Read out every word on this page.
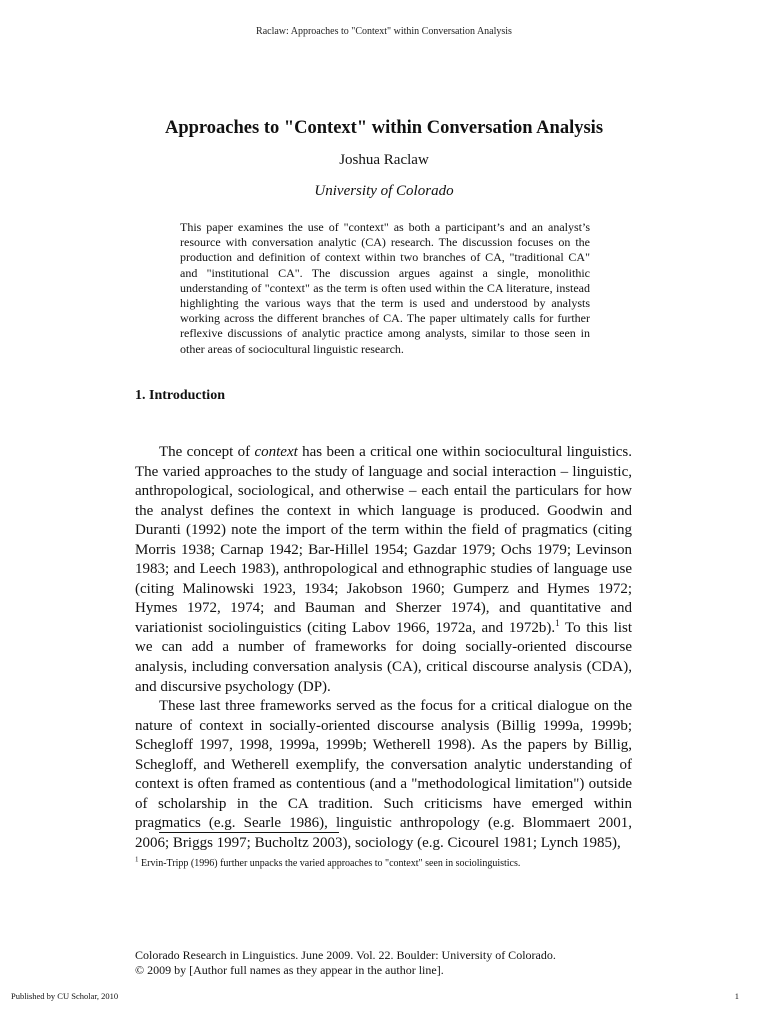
Raclaw: Approaches to "Context" within Conversation Analysis
Approaches to "Context" within Conversation Analysis
Joshua Raclaw
University of Colorado

This paper examines the use of "context" as both a participant’s and an analyst’s resource with conversation analytic (CA) research. The discussion focuses on the production and definition of context within two branches of CA, "traditional CA" and "institutional CA". The discussion argues against a single, monolithic understanding of "context" as the term is often used within the CA literature, instead highlighting the various ways that the term is used and understood by analysts working across the different branches of CA. The paper ultimately calls for further reflexive discussions of analytic practice among analysts, similar to those seen in other areas of sociocultural linguistic research.

1. Introduction

The concept of context has been a critical one within sociocultural linguistics. The varied approaches to the study of language and social interaction – linguistic, anthropological, sociological, and otherwise – each entail the particulars for how the analyst defines the context in which language is produced. Goodwin and Duranti (1992) note the import of the term within the field of pragmatics (citing Morris 1938; Carnap 1942; Bar-Hillel 1954; Gazdar 1979; Ochs 1979; Levinson 1983; and Leech 1983), anthropological and ethnographic studies of language use (citing Malinowski 1923, 1934; Jakobson 1960; Gumperz and Hymes 1972; Hymes 1972, 1974; and Bauman and Sherzer 1974), and quantitative and variationist sociolinguistics (citing Labov 1966, 1972a, and 1972b).$^1$ To this list we can add a number of frameworks for doing socially-oriented discourse analysis, including conversation analysis (CA), critical discourse analysis (CDA), and discursive psychology (DP).

These last three frameworks served as the focus for a critical dialogue on the nature of context in socially-oriented discourse analysis (Billig 1999a, 1999b; Schegloff 1997, 1998, 1999a, 1999b; Wetherell 1998). As the papers by Billig, Schegloff, and Wetherell exemplify, the conversation analytic understanding of context is often framed as contentious (and a "methodological limitation") outside of scholarship in the CA tradition. Such criticisms have emerged within pragmatics (e.g. Searle 1986), linguistic anthropology (e.g. Blommaert 2001, 2006; Briggs 1997; Bucholtz 2003), sociology (e.g. Cicourel 1981; Lynch 1985),

$^1$ Ervin-Tripp (1996) further unpacks the varied approaches to "context" seen in sociolinguistics.
Colorado Research in Linguistics. June 2009. Vol. 22. Boulder: University of Colorado.
© 2009 by [Author full names as they appear in the author line].
Published by CU Scholar, 2010	1
